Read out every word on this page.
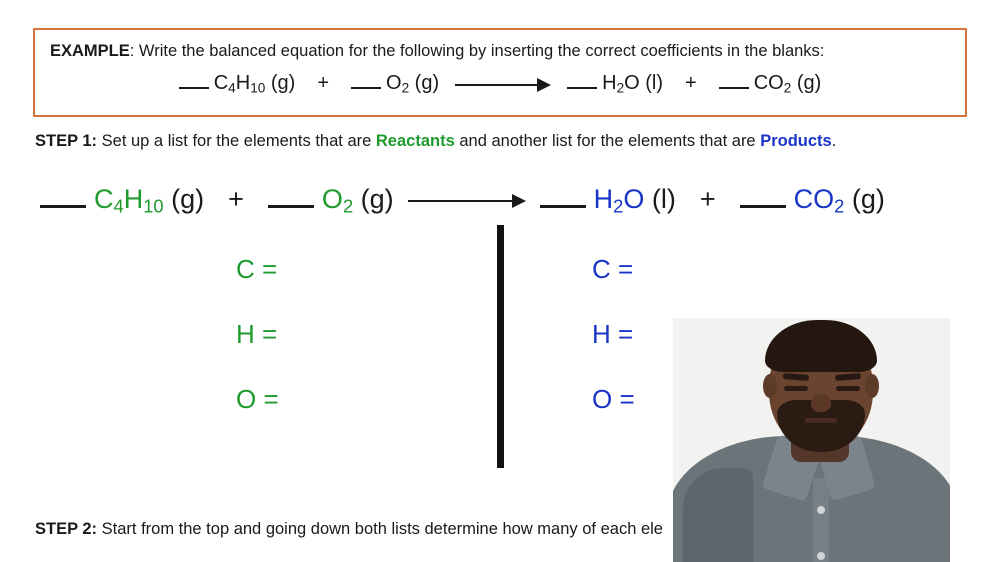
EXAMPLE: Write the balanced equation for the following by inserting the correct coefficients in the blanks:
$C_4H_{10}$ (g) +	$O_2$ (g)	$H_2O$ (l) +	$CO_2$ (g)
STEP 1: Set up a list for the elements that are Reactants and another list for the elements that are Products.
$C_4H_{10}$ (g) +	$O_2$ (g)	$H_2O$ (l) +	$CO_2$ (g)
C =
H =
O =
C =
H =
O =
STEP 2: Start from the top and going down both lists determine how many of each ele
